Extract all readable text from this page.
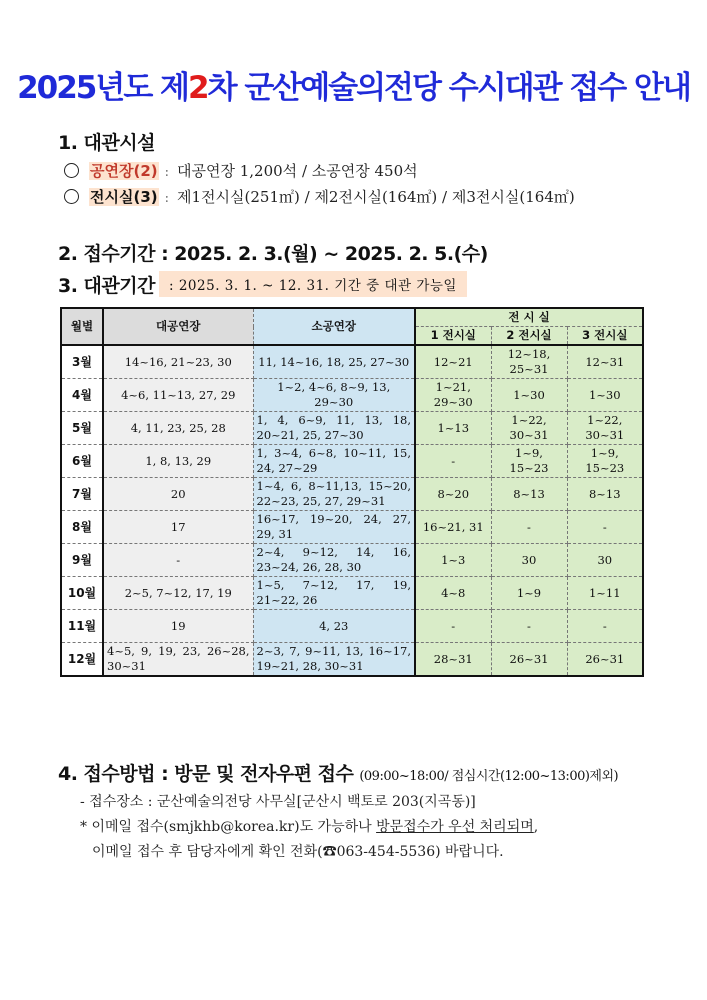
2025년도 제2차 군산예술의전당 수시대관 접수 안내
1. 대관시설
공연장(2) : 대공연장 1,200석 / 소공연장 450석
전시실(3) : 제1전시실(251㎡) / 제2전시실(164㎡) / 제3전시실(164㎡)
2. 접수기간 : 2025. 2. 3.(월) ~ 2025. 2. 5.(수)
3. 대관기간 : 2025. 3. 1. ~ 12. 31. 기간 중 대관 가능일
월별	대공연장	소공연장	전 시 실		
			1 전시실	2 전시실	3 전시실
3월	14~16, 21~23, 30	11, 14~16, 18, 25, 27~30	12~21	12~18, 25~31	12~31
4월	4~6, 11~13, 27, 29	1~2, 4~6, 8~9, 13, 29~30	1~21, 29~30	1~30	1~30
5월	4, 11, 23, 25, 28	1, 4, 6~9, 11, 13, 18, 20~21, 25, 27~30	1~13	1~22, 30~31	1~22, 30~31
6월	1, 8, 13, 29	1, 3~4, 6~8, 10~11, 15, 24, 27~29	-	1~9, 15~23	1~9, 15~23
7월	20	1~4, 6, 8~11,13, 15~20, 22~23, 25, 27, 29~31	8~20	8~13	8~13
8월	17	16~17, 19~20, 24, 27, 29, 31	16~21, 31	-	-
9월	-	2~4, 9~12, 14, 16, 23~24, 26, 28, 30	1~3	30	30
10월	2~5, 7~12, 17, 19	1~5, 7~12, 17, 19, 21~22, 26	4~8	1~9	1~11
11월	19	4, 23	-	-	-
12월	4~5, 9, 19, 23, 26~28, 30~31	2~3, 7, 9~11, 13, 16~17, 19~21, 28, 30~31	28~31	26~31	26~31
4. 접수방법 : 방문 및 전자우편 접수 (09:00~18:00/ 점심시간(12:00~13:00)제외)
- 접수장소 : 군산예술의전당 사무실[군산시 백토로 203(지곡동)]
* 이메일 접수(smjkhb@korea.kr)도 가능하나 방문접수가 우선 처리되며,
이메일 접수 후 담당자에게 확인 전화(☎063-454-5536) 바랍니다.
